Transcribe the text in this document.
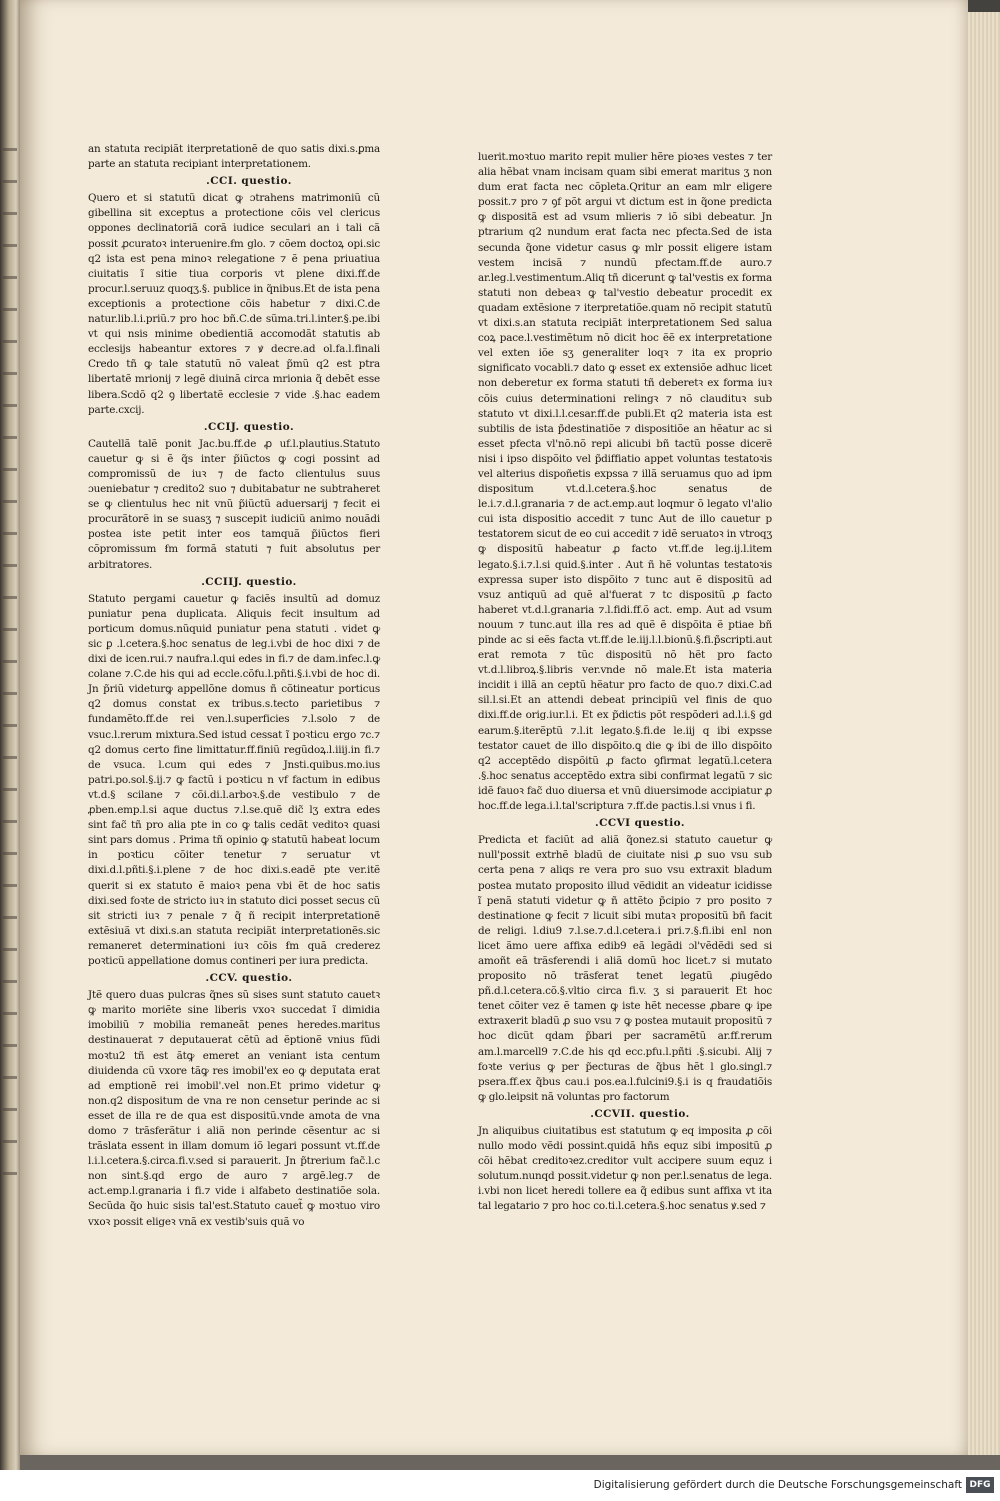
an statuta recipiãt iterpretationẽ de quo satis dixi.s.ꝑma parte an statuta recipiant interpretationem.

.CCI. questio.

Quero et si statutũ dicat ꝙ ɔtrahens matrimoniũ cũ gibellina sit exceptus a protectione cõis vel clericus oppones declinatoriã corã iudice seculari an i tali cã possit ꝓcuratoꝛ interuenire.ẜm glo. ⁊ cõem doctoꝝ opi.sic q2 ista est pena minoꝛ relegatione ⁊ ẽ pena priuatiua ciuitatis ĩ sitie tiua corporis vt plene dixi.ff.de procur.l.seruuz quoqʒ.§. publice in q̃nibus.Et de ista pena exceptionis a protectione cõis habetur ⁊ dixi.C.de natur.lib.l.i.priũ.⁊ pro hoc bñ.C.de sũma.tri.l.inter.§.pe.ibi vt qui nsis minime obedientiã accomodãt statutis ab ecclesijs habeantur extores ⁊ ꝟ decre.ad ol.fa.l.finali Credo tñ ꝙ tale statutũ nõ valeat p̃mũ q2 est ptra libertatẽ mrionij ⁊ legẽ diuinã circa mrionia q̃ debẽt esse libera.Scdõ q2 ꝯ libertatẽ ecclesie ⁊ vide .§.hac eadem parte.cxcij.

.CCIJ. questio.

Cautellã talẽ ponit Jac.bu.ff.de ꝓ uf.l.plautius.Statuto cauetur ꝙ si ẽ q̃s inter p̃iũctos ꝙ cogi possint ad compromissũ de iuꝛ ⁊ de facto clientulus suus ɔueniebatur ⁊ credito2 suo ⁊ dubitabatur ne subtraheret se ꝙ clientulus hec nit vnũ p̃iũctũ aduersarij ⁊ fecit ei procurãtorẽ in se suasʒ ⁊ suscepit iudiciũ animo nouãdi postea iste petit inter eos tamquã p̃iũctos fieri cõpromissum ẜm formã statuti ⁊ fuit absolutus per arbitratores.

.CCIIJ. questio.

Statuto pergami cauetur ꝙ faciẽs insultũ ad domuz puniatur pena duplicata. Aliquis fecit insultum ad porticum domus.nũquid puniatur pena statuti . videt ꝙ sic ꝑ .l.cetera.§.hoc senatus de leg.i.vbi de hoc dixi ⁊ de dixi de icen.rui.⁊ naufra.l.qui edes in fi.⁊ de dam.infec.l.ꝙ colane ⁊.C.de his qui ad eccle.cõfu.l.pñti.§.i.vbi de hoc di. Jn p̃riũ videturꝙ appellõne domus ñ cõtineatur porticus q2 domus constat ex tribus.s.tecto parietibus ⁊ fundamẽto.ff.de rei ven.l.superficies ⁊.l.solo ⁊ de vsuc.l.rerum mixtura.Sed istud cessat ĩ poꝛticu ergo ⁊c.⁊ q2 domus certo fine limittatur.ff.finiũ regũdoꝝ.l.iiij.in fi.⁊ de vsuca. l.cum qui edes ⁊ Jnsti.quibus.mo.ius patri.po.sol.§.ij.⁊ ꝙ factũ i poꝛticu n vf factum in edibus vt.d.§ scilane ⁊ cõi.di.l.arboꝛ.§.de vestibulo ⁊ de ꝓben.emp.l.si aque ductus ⁊.l.se.quẽ dic̃ lʒ extra edes sint fac̃ tñ pro alia pte in co ꝙ talis cedãt veditoꝛ quasi sint pars domus . Prima tñ opinio ꝙ statutũ habeat locum in poꝛticu cõiter tenetur ⁊ seruatur vt dixi.d.l.pñti.§.i.plene ⁊ de hoc dixi.s.eadẽ pte ver.itẽ querit si ex statuto ẽ maioꝛ pena vbi ẽt de hoc satis dixi.sed foꝛte de stricto iuꝛ in statuto dici posset secus cũ sit stricti iuꝛ ⁊ penale ⁊ q̃ ñ recipit interpretationẽ extẽsiuã vt dixi.s.an statuta recipiãt interpretationẽs.sic remaneret determinationi iuꝛ cõis ẜm quã crederez poꝛticũ appellatione domus contineri per iura predicta.

.CCV. questio.

Jtẽ quero duas pulcras q̃nes sũ sises sunt statuto cauetꝛ ꝙ marito moriẽte sine liberis vxoꝛ succedat ĩ dimidia imobiliũ ⁊ mobilia remaneãt penes heredes.maritus destinauerat ⁊ deputauerat cẽtũ ad ẽptionẽ vnius fũdi moꝛtu2 tñ est ãtꝙ emeret an veniant ista centum diuidenda cũ vxore tãꝙ res imobil'ex eo ꝙ deputata erat ad emptionẽ rei imobil'.vel non.Et primo videtur ꝙ non.q2 dispositum de vna re non censetur perinde ac si esset de illa re de qua est dispositũ.vnde amota de vna domo ⁊ trãsferãtur i aliã non perinde cẽsentur ac si trãslata essent in illam domum iõ legari possunt vt.ff.de l.i.l.cetera.§.circa.fi.v.sed si parauerit. Jn p̃trerium fac̃.l.c non sint.§.qd ergo de auro ⁊ argẽ.leg.⁊ de act.emp.l.granaria i fi.⁊ vide i alfabeto destinatiõe sola. Secũda q̃o huic sisis tal'est.Statuto cauet̃ ꝙ moꝛtuo viro vxoꝛ possit eligeꝛ vnã ex vestib'suis quã vo

luerit.moꝛtuo marito repit mulier hẽre pioꝛes vestes ⁊ ter alia hẽbat vnam incisam quam sibi emerat maritus ʒ non dum erat facta nec cõpleta.Qritur an eam mlr eligere possit.⁊ pro ⁊ ꝯf põt argui vt dictum est in q̃one predicta ꝙ dispositã est ad vsum mlieris ⁊ iõ sibi debeatur. Jn ptrarium q2 nundum erat facta nec pfecta.Sed de ista secunda q̃one videtur casus ꝙ mlr possit eligere istam vestem incisã ⁊ nundũ pfectam.ff.de auro.⁊ ar.leg.l.vestimentum.Aliq tñ dicerunt ꝙ tal'vestis ex forma statuti non debeaꝛ ꝙ tal'vestio debeatur procedit ex quadam extẽsione ⁊ iterpretatiõe.quam nõ recipit statutũ vt dixi.s.an statuta recipiãt interpretationem Sed salua coꝝ pace.l.vestimẽtum nõ dicit hoc ẽẽ ex interpretatione vel exten iõe sʒ generaliter loqꝛ ⁊ ita ex proprio significato vocabli.⁊ dato ꝙ esset ex extensiõe adhuc licet non deberetur ex forma statuti tñ deberetꝛ ex forma iuꝛ cõis cuius determinationi relingꝛ ⁊ nõ claudituꝛ sub statuto vt dixi.l.l.cesar.ff.de publi.Et q2 materia ista est subtilis de ista p̃destinatiõe ⁊ dispositiõe an hẽatur ac si esset pfecta vl'nõ.nõ repi alicubi bñ tactũ posse dicerẽ nisi i ipso dispõito vel p̃diffiatio appet voluntas testatoꝛis vel alterius dispoñetis expssa ⁊ illã seruamus quo ad ipm dispositum vt.d.l.cetera.§.hoc senatus de le.i.⁊.d.l.granaria ⁊ de act.emp.aut loqmur õ legato vl'alio cui ista dispositio accedit ⁊ tunc Aut de illo cauetur p testatorem sicut de eo cui accedit ⁊ idẽ seruatoꝛ in vtroqʒ ꝙ dispositũ habeatur ꝓ facto vt.ff.de leg.ij.l.item legato.§.i.⁊.l.si quid.§.inter . Aut ñ hẽ voluntas testatoꝛis expressa super isto dispõito ⁊ tunc aut ẽ dispositũ ad vsuz antiquũ ad quẽ al'fuerat ⁊ tc dispositũ ꝓ facto haberet vt.d.l.granaria ⁊.l.fidi.ff.õ act. emp. Aut ad vsum nouum ⁊ tunc.aut illa res ad quẽ ẽ dispõita ẽ ptiae bñ pinde ac si eẽs facta vt.ff.de le.iij.l.l.bionũ.§.fi.p̃scripti.aut erat remota ⁊ tũc dispositũ nõ hẽt pro facto vt.d.l.libroꝝ.§.libris ver.vnde nõ male.Et ista materia incidit i illã an ceptũ hẽatur pro facto de quo.⁊ dixi.C.ad sil.l.si.Et an attendi debeat principiũ vel finis de quo dixi.ff.de orig.iur.l.i. Et ex p̃dictis põt respõderi ad.l.i.§ gd earum.§.iterẽptũ ⁊.l.it legato.§.fi.de le.iij q ibi expsse testator cauet de illo dispõito.ꝗ die ꝙ ibi de illo dispõito q2 acceptẽdo dispõitũ ꝓ facto ꝯfirmat legatũ.l.cetera .§.hoc senatus acceptẽdo extra sibi confirmat legatũ ⁊ sic idẽ fauoꝛ fac̃ duo diuersa et vnũ diuersimode accipiatur ꝓ hoc.ff.de lega.i.l.tal'scriptura ⁊.ff.de pactis.l.si vnus i fi.

.CCVI questio.

Predicta et faciũt ad aliã q̃onez.si statuto cauetur ꝙ null'possit extrhẽ bladũ de ciuitate nisi ꝓ suo vsu sub certa pena ⁊ aliqs re vera pro suo vsu extraxit bladum postea mutato proposito illud vẽdidit an videatur icidisse ĩ penã statuti videtur ꝙ ñ attẽto p̃cipio ⁊ pro posito ⁊ destinatione ꝙ fecit ⁊ licuit sibi mutaꝛ propositũ bñ facit de religi. l.diu9 ⁊.l.se.⁊.d.l.cetera.i pri.⁊.§.fi.ibi enl non licet ãmo uere affixa edib9 eã legãdi ɔl'vẽdẽdi sed si amoñt eã trãsferendi i aliã domũ hoc licet.⁊ si mutato proposito nõ trãsferat tenet legatũ ꝓiugẽdo pñ.d.l.cetera.cõ.§.vltio circa fi.v. ʒ si parauerit Et hoc tenet cõiter vez ẽ tamen ꝙ iste hẽt necesse ꝓbare ꝙ ipe extraxerit bladũ ꝓ suo vsu ⁊ ꝙ postea mutauit propositũ ⁊ hoc dicũt qdam p̃bari per sacramẽtũ ar.ff.rerum am.l.marcell9 ⁊.C.de his qd ecc.pfu.l.pñti .§.sicubi. Alij ⁊ foꝛte verius ꝙ per p̃ecturas de q̃bus hẽt l glo.singl.⁊ psera.ff.ex q̃bus cau.i pos.ea.l.fulcini9.§.i is q fraudatiõis ꝙ glo.leipsit nã voluntas pro factorum

.CCVII. questio.

Jn aliquibus ciuitatibus est statutum ꝙ eq imposita ꝓ cõi nullo modo vẽdi possint.quidã hñs equz sibi impositũ ꝓ cõi hẽbat creditoꝛez.creditor vult accipere suum equz i solutum.nunqd possit.videtur ꝙ non per.l.senatus de lega. i.vbi non licet heredi tollere ea q̃ edibus sunt affixa vt ita tal legatario ⁊ pro hoc co.ti.l.cetera.§.hoc senatus ꝟ.sed ⁊

Digitalisierung gefördert durch die Deutsche Forschungsgemeinschaft DFG
